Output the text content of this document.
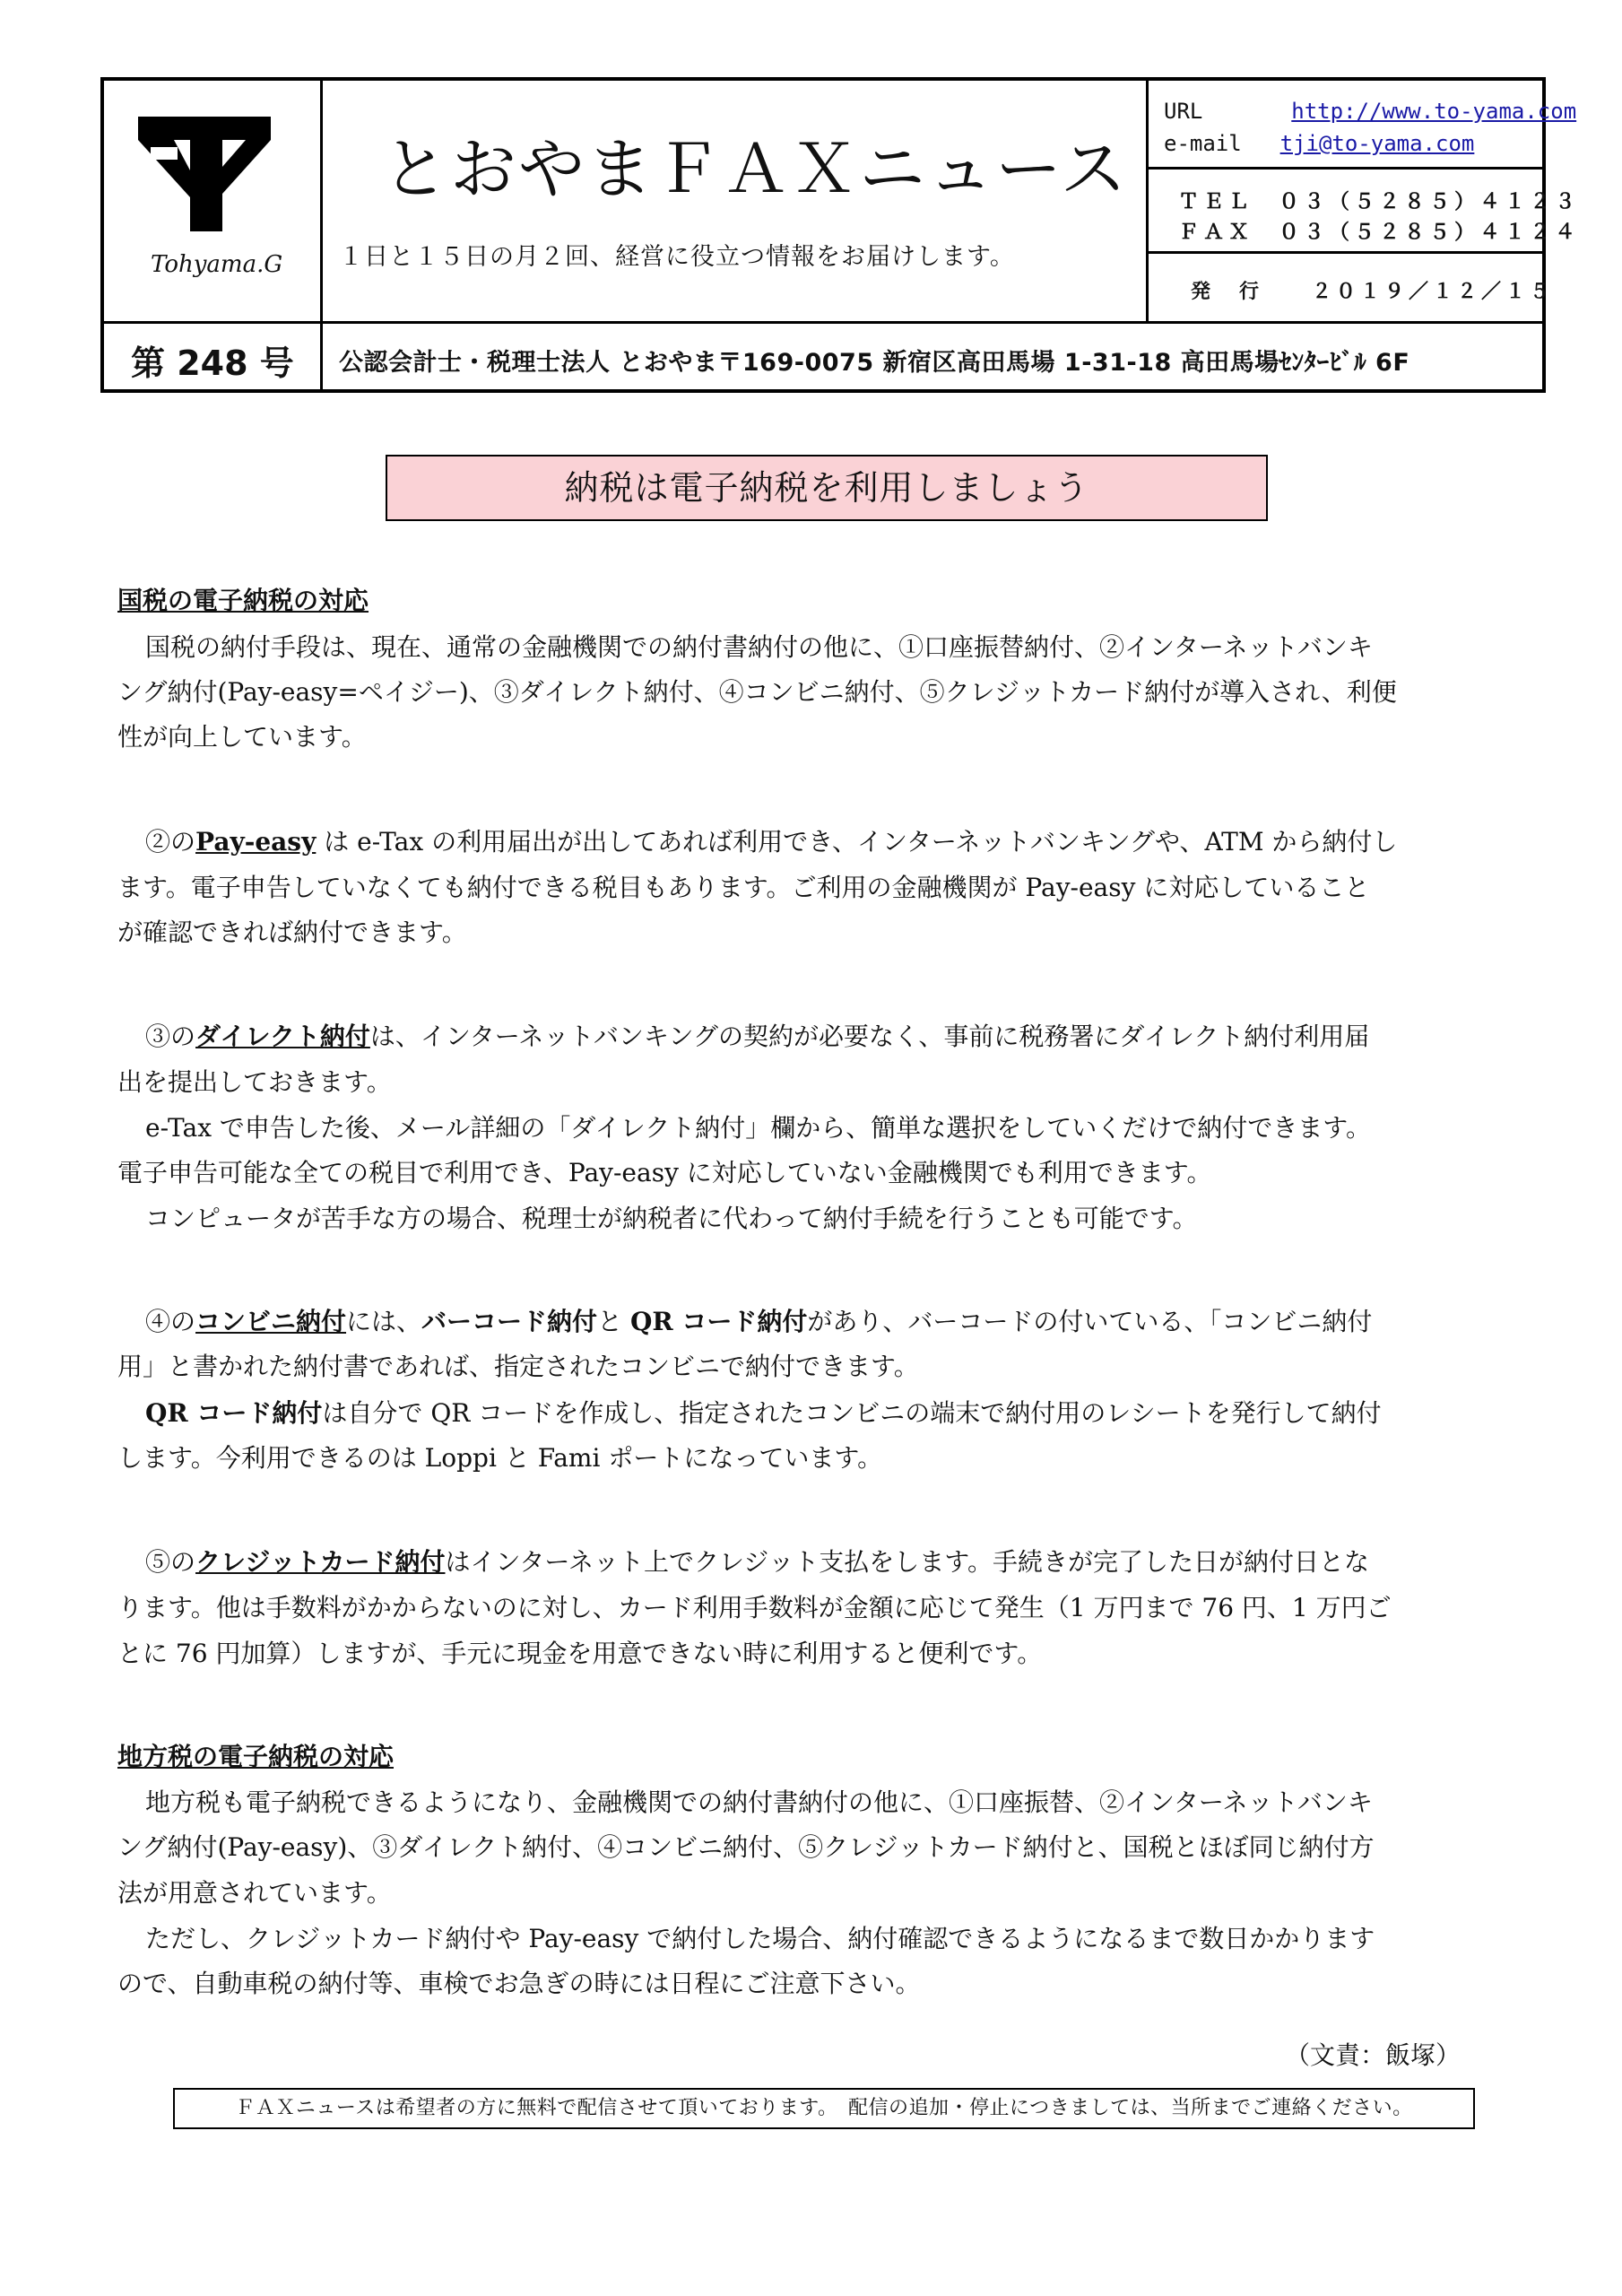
Tohyama.G
とおやまＦＡＸニュース
１日と１５日の月２回、経営に役立つ情報をお届けします。
URL	http://www.to-yama.com
e-mail tji@to-yama.com
ＴＥＬ　０３（５２８５）４１２３
ＦＡＸ　０３（５２８５）４１２４
発　行　　２０１９／１２／１５
第 248 号 公認会計士・税理士法人 とおやま〒169-0075 新宿区高田馬場 1-31-18 高田馬場ｾﾝﾀｰﾋﾞﾙ 6F
納税は電子納税を利用しましょう
国税の電子納税の対応
国税の納付手段は、現在、通常の金融機関での納付書納付の他に、①口座振替納付、②インターネットバンキ
ング納付(Pay-easy=ペイジー)、③ダイレクト納付、④コンビニ納付、⑤クレジットカード納付が導入され、利便
性が向上しています。
②のPay-easy は e-Tax の利用届出が出してあれば利用でき、インターネットバンキングや、ATM から納付し
ます。電子申告していなくても納付できる税目もあります。ご利用の金融機関が Pay-easy に対応していること
が確認できれば納付できます。
③のダイレクト納付は、インターネットバンキングの契約が必要なく、事前に税務署にダイレクト納付利用届
出を提出しておきます。
e-Tax で申告した後、メール詳細の「ダイレクト納付」欄から、簡単な選択をしていくだけで納付できます。
電子申告可能な全ての税目で利用でき、Pay-easy に対応していない金融機関でも利用できます。
コンピュータが苦手な方の場合、税理士が納税者に代わって納付手続を行うことも可能です。
④のコンビニ納付には、バーコード納付と QR コード納付があり、バーコードの付いている、「コンビニ納付
用」と書かれた納付書であれば、指定されたコンビニで納付できます。
QR コード納付は自分で QR コードを作成し、指定されたコンビニの端末で納付用のレシートを発行して納付
します。今利用できるのは Loppi と Fami ポートになっています。
⑤のクレジットカード納付はインターネット上でクレジット支払をします。手続きが完了した日が納付日とな
ります。他は手数料がかからないのに対し、カード利用手数料が金額に応じて発生（1 万円まで 76 円、1 万円ご
とに 76 円加算）しますが、手元に現金を用意できない時に利用すると便利です。
地方税の電子納税の対応
地方税も電子納税できるようになり、金融機関での納付書納付の他に、①口座振替、②インターネットバンキ
ング納付(Pay-easy)、③ダイレクト納付、④コンビニ納付、⑤クレジットカード納付と、国税とほぼ同じ納付方
法が用意されています。
ただし、クレジットカード納付や Pay-easy で納付した場合、納付確認できるようになるまで数日かかります
ので、自動車税の納付等、車検でお急ぎの時には日程にご注意下さい。
（文責：飯塚）
ＦＡＸニュースは希望者の方に無料で配信させて頂いております。　配信の追加・停止につきましては、当所までご連絡ください。
